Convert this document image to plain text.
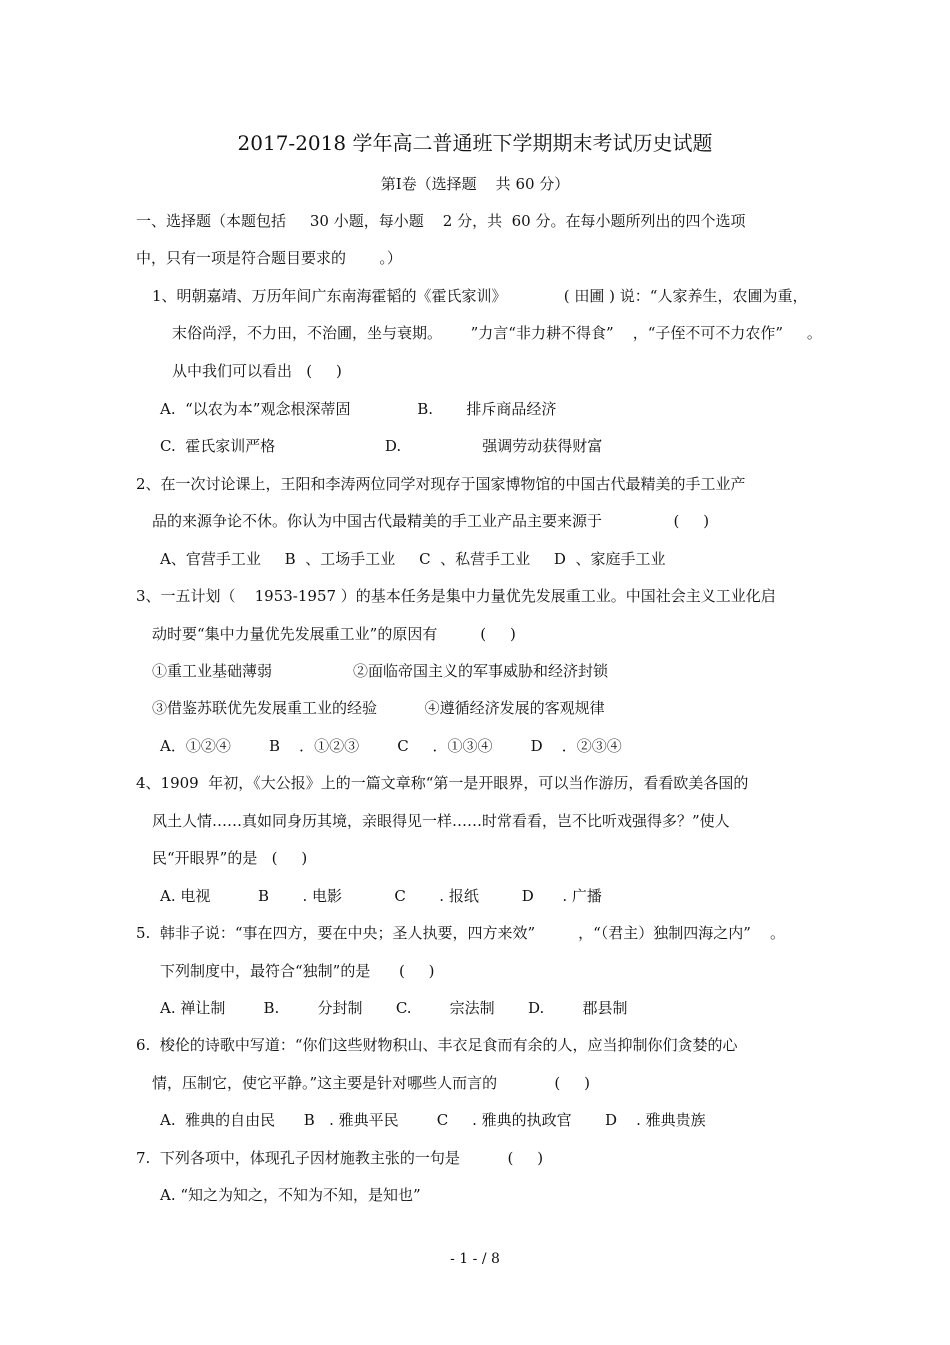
2017-2018 学年高二普通班下学期期末考试历史试题
第Ⅰ卷（选择题    共 60 分）
一、选择题（本题包括     30 小题，每小题    2 分，共  60 分。在每小题所列出的四个选项
中，只有一项是符合题目要求的       。）
1、明朝嘉靖、万历年间广东南海霍韬的《霍氏家训》            ( 田圃 ) 说：“人家养生，农圃为重，
末俗尚浮，不力田，不治圃，坐与衰期。      ”力言“非力耕不得食”    ，“子侄不可不力农作”     。
从中我们可以看出   (     )
A.  “以农为本”观念根深蒂固              B.       排斥商品经济
C.  霍氏家训严格                       D.                 强调劳动获得财富
2、在一次讨论课上，王阳和李涛两位同学对现存于国家博物馆的中国古代最精美的手工业产
品的来源争论不休。你认为中国古代最精美的手工业产品主要来源于               (     )
A、官营手工业     B  、工场手工业     C  、私营手工业     D  、家庭手工业
3、一五计划（    1953-1957 ）的基本任务是集中力量优先发展重工业。中国社会主义工业化启
动时要“集中力量优先发展重工业”的原因有         (     )
①重工业基础薄弱                 ②面临帝国主义的军事威胁和经济封锁
③借鉴苏联优先发展重工业的经验          ④遵循经济发展的客观规律
A．①②④        B    ．①②③        C     ．①③④        D    ．②③④
4、1909  年初，《大公报》上的一篇文章称“第一是开眼界，可以当作游历，看看欧美各国的
风土人情……真如同身历其境，亲眼得见一样……时常看看，岂不比听戏强得多？”使人
民“开眼界”的是   (     )
A. 电视          B       . 电影           C       . 报纸         D      . 广播
5.  韩非子说：“事在四方，要在中央；圣人执要，四方来效”         ，“（君主）独制四海之内”    。
下列制度中，最符合“独制”的是      (     )
A. 禅让制        B.        分封制       C.        宗法制       D.        郡县制
6.  梭伦的诗歌中写道：“你们这些财物积山、丰衣足食而有余的人，应当抑制你们贪婪的心
情，压制它，使它平静。”这主要是针对哪些人而言的            (     )
A.  雅典的自由民      B   . 雅典平民        C     . 雅典的执政官       D    . 雅典贵族
7.  下列各项中，体现孔子因材施教主张的一句是          (     )
A. “知之为知之，不知为不知，是知也”
- 1 - / 8
